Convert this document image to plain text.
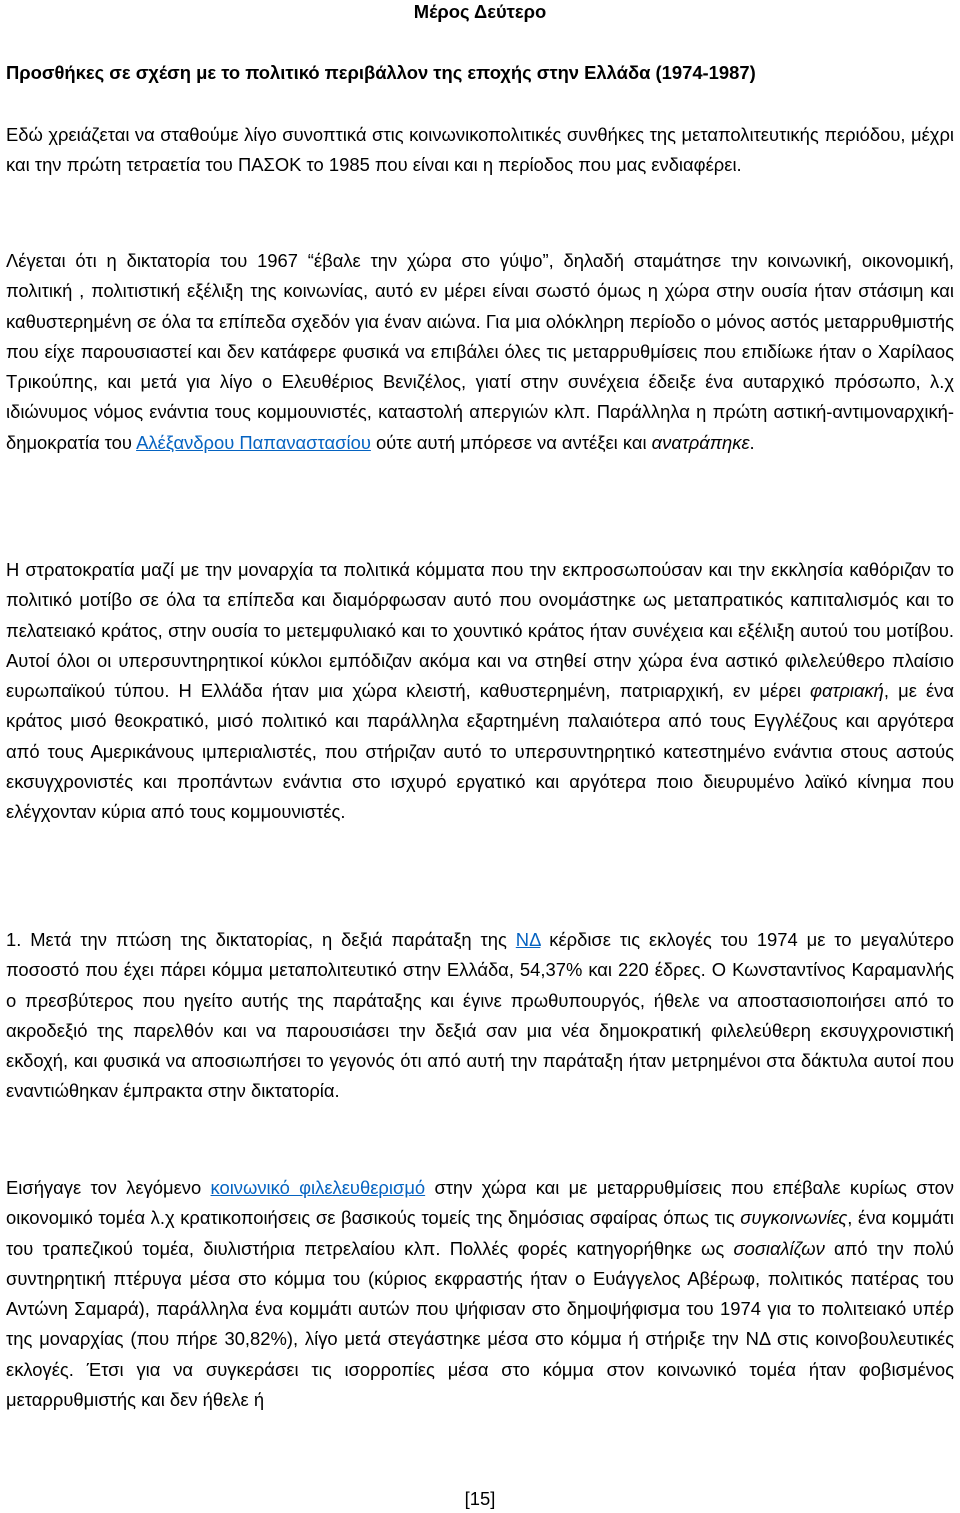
Μέρος Δεύτερο
Προσθήκες σε σχέση με το πολιτικό περιβάλλον της εποχής στην Ελλάδα (1974-1987)

Εδώ χρειάζεται να σταθούμε λίγο συνοπτικά στις κοινωνικοπολιτικές συνθήκες της μεταπολιτευτικής περιόδου, μέχρι και την πρώτη τετραετία του ΠΑΣΟΚ το 1985 που είναι και η περίοδος που μας ενδιαφέρει.

Λέγεται ότι η δικτατορία του 1967 “έβαλε την χώρα στο γύψο”, δηλαδή σταμάτησε την κοινωνική, οικονομική, πολιτική , πολιτιστική εξέλιξη της κοινωνίας, αυτό εν μέρει είναι σωστό όμως η χώρα στην ουσία ήταν στάσιμη και καθυστερημένη σε όλα τα επίπεδα σχεδόν για έναν αιώνα. Για μια ολόκληρη περίοδο ο μόνος αστός μεταρρυθμιστής που είχε παρουσιαστεί και δεν κατάφερε φυσικά να επιβάλει όλες τις μεταρρυθμίσεις που επιδίωκε ήταν ο Χαρίλαος Τρικούπης, και μετά για λίγο ο Ελευθέριος Βενιζέλος, γιατί στην συνέχεια έδειξε ένα αυταρχικό πρόσωπο, λ.χ ιδιώνυμος νόμος ενάντια τους κομμουνιστές, καταστολή απεργιών κλπ. Παράλληλα η πρώτη αστική-αντιμοναρχική- δημοκρατία του Αλέξανδρου Παπαναστασίου ούτε αυτή μπόρεσε να αντέξει και ανατράπηκε.

Η στρατοκρατία μαζί με την μοναρχία τα πολιτικά κόμματα που την εκπροσωπούσαν και την εκκλησία καθόριζαν το πολιτικό μοτίβο σε όλα τα επίπεδα και διαμόρφωσαν αυτό που ονομάστηκε ως μεταπρατικός καπιταλισμός και το πελατειακό κράτος, στην ουσία το μετεμφυλιακό και το χουντικό κράτος ήταν συνέχεια και εξέλιξη αυτού του μοτίβου. Αυτοί όλοι οι υπερσυντηρητικοί κύκλοι εμπόδιζαν ακόμα και να στηθεί στην χώρα ένα αστικό φιλελεύθερο πλαίσιο ευρωπαϊκού τύπου. Η Ελλάδα ήταν μια χώρα κλειστή, καθυστερημένη, πατριαρχική, εν μέρει φατριακή, με ένα κράτος μισό θεοκρατικό, μισό πολιτικό και παράλληλα εξαρτημένη παλαιότερα από τους Εγγλέζους και αργότερα από τους Αμερικάνους ιμπεριαλιστές, που στήριζαν αυτό το υπερσυντηρητικό κατεστημένο ενάντια στους αστούς εκσυγχρονιστές και προπάντων ενάντια στο ισχυρό εργατικό και αργότερα ποιο διευρυμένο λαϊκό κίνημα που ελέγχονταν κύρια από τους κομμουνιστές.

1. Μετά την πτώση της δικτατορίας, η δεξιά παράταξη της ΝΔ κέρδισε τις εκλογές του 1974 με το μεγαλύτερο ποσοστό που έχει πάρει κόμμα μεταπολιτευτικό στην Ελλάδα, 54,37% και 220 έδρες. Ο Κωνσταντίνος Καραμανλής ο πρεσβύτερος που ηγείτο αυτής της παράταξης και έγινε πρωθυπουργός, ήθελε να αποστασιοποιήσει από το ακροδεξιό της παρελθόν και να παρουσιάσει την δεξιά σαν μια νέα δημοκρατική φιλελεύθερη εκσυγχρονιστική εκδοχή, και φυσικά να αποσιωπήσει το γεγονός ότι από αυτή την παράταξη ήταν μετρημένοι στα δάκτυλα αυτοί που εναντιώθηκαν έμπρακτα στην δικτατορία.

Εισήγαγε τον λεγόμενο κοινωνικό φιλελευθερισμό στην χώρα και με μεταρρυθμίσεις που επέβαλε κυρίως στον οικονομικό τομέα λ.χ κρατικοποιήσεις σε βασικούς τομείς της δημόσιας σφαίρας όπως τις συγκοινωνίες, ένα κομμάτι του τραπεζικού τομέα, διυλιστήρια πετρελαίου κλπ. Πολλές φορές κατηγορήθηκε ως σοσιαλίζων από την πολύ συντηρητική πτέρυγα μέσα στο κόμμα του (κύριος εκφραστής ήταν ο Ευάγγελος Αβέρωφ, πολιτικός πατέρας του Αντώνη Σαμαρά), παράλληλα ένα κομμάτι αυτών που ψήφισαν στο δημοψήφισμα του 1974 για το πολιτειακό υπέρ της μοναρχίας (που πήρε 30,82%), λίγο μετά στεγάστηκε μέσα στο κόμμα ή στήριξε την ΝΔ στις κοινοβουλευτικές εκλογές. Έτσι για να συγκεράσει τις ισορροπίες μέσα στο κόμμα στον κοινωνικό τομέα ήταν φοβισμένος μεταρρυθμιστής και δεν ήθελε ή

[15]
